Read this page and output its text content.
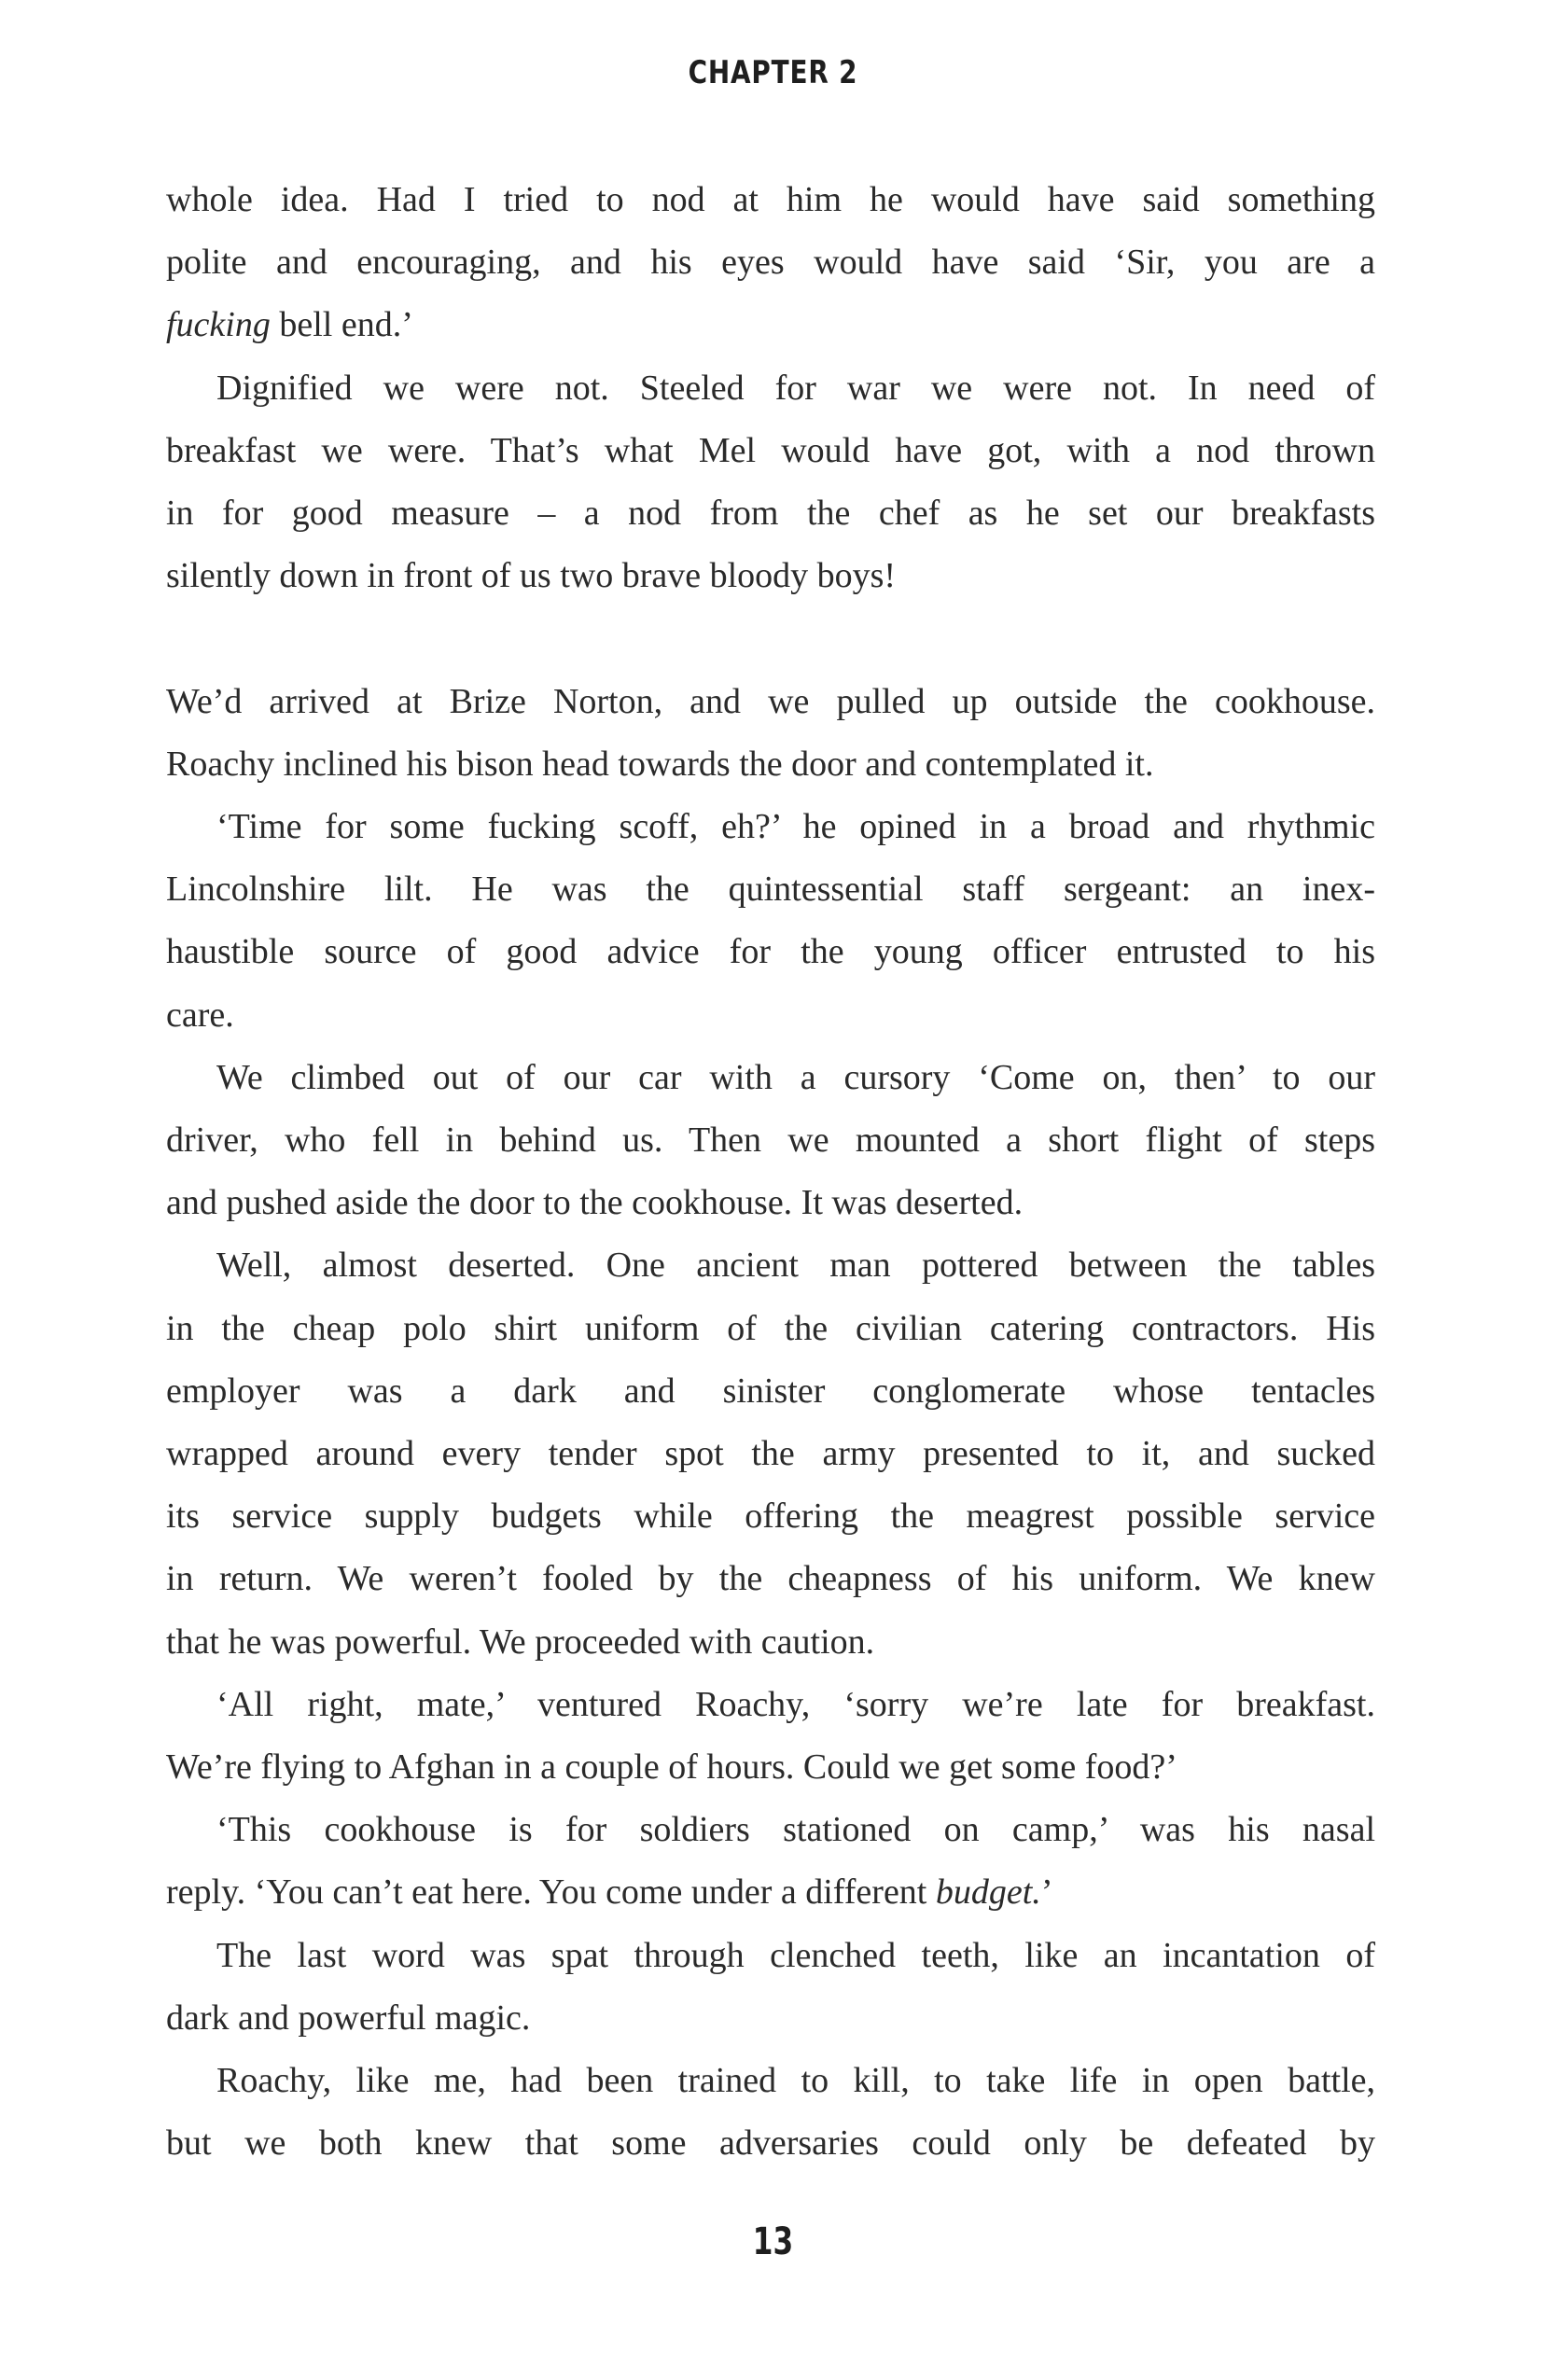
CHAPTER 2

whole idea. Had I tried to nod at him he would have said something

polite and encouraging, and his eyes would have said ‘Sir, you are a

fucking bell end.’

Dignified we were not. Steeled for war we were not. In need of

breakfast we were. That’s what Mel would have got, with a nod thrown

in for good measure – a nod from the chef as he set our breakfasts

silently down in front of us two brave bloody boys!

We’d arrived at Brize Norton, and we pulled up outside the cookhouse.

Roachy inclined his bison head towards the door and contemplated it.

‘Time for some fucking scoff, eh?’ he opined in a broad and rhythmic

Lincolnshire lilt. He was the quintessential staff sergeant: an inex-

haustible source of good advice for the young officer entrusted to his

care.

We climbed out of our car with a cursory ‘Come on, then’ to our

driver, who fell in behind us. Then we mounted a short flight of steps

and pushed aside the door to the cookhouse. It was deserted.

Well, almost deserted. One ancient man pottered between the tables

in the cheap polo shirt uniform of the civilian catering contractors. His

employer was a dark and sinister conglomerate whose tentacles

wrapped around every tender spot the army presented to it, and sucked

its service supply budgets while offering the meagrest possible service

in return. We weren’t fooled by the cheapness of his uniform. We knew

that he was powerful. We proceeded with caution.

‘All right, mate,’ ventured Roachy, ‘sorry we’re late for breakfast.

We’re flying to Afghan in a couple of hours. Could we get some food?’

‘This cookhouse is for soldiers stationed on camp,’ was his nasal

reply. ‘You can’t eat here. You come under a different budget.’

The last word was spat through clenched teeth, like an incantation of

dark and powerful magic.

Roachy, like me, had been trained to kill, to take life in open battle,

but we both knew that some adversaries could only be defeated by

13
